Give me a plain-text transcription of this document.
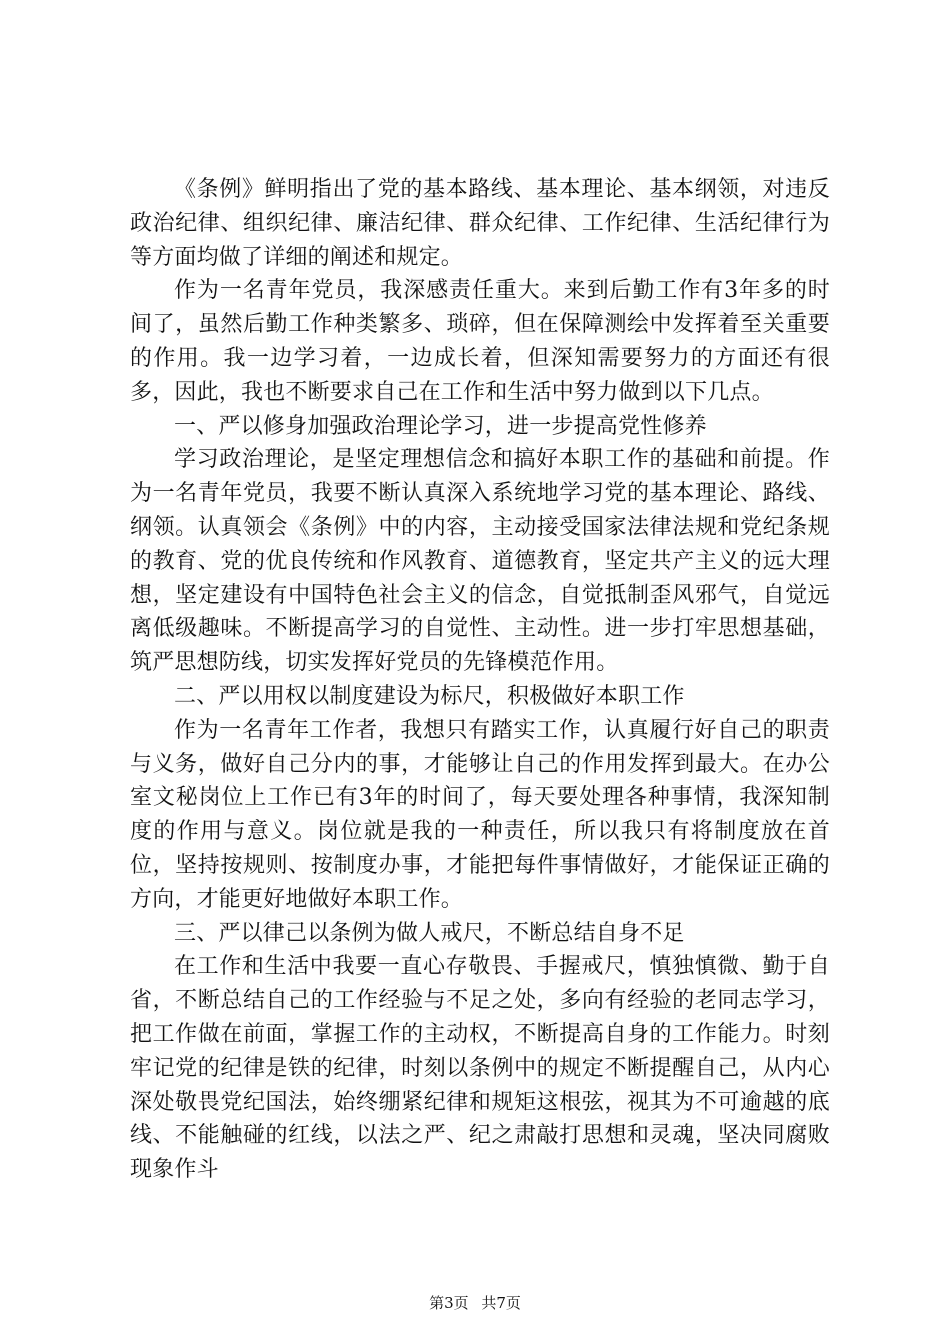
《条例》鲜明指出了党的基本路线、基本理论、基本纲领，对违反政治纪律、组织纪律、廉洁纪律、群众纪律、工作纪律、生活纪律行为等方面均做了详细的阐述和规定。

作为一名青年党员，我深感责任重大。来到后勤工作有3年多的时间了，虽然后勤工作种类繁多、琐碎，但在保障测绘中发挥着至关重要的作用。我一边学习着，一边成长着，但深知需要努力的方面还有很多，因此，我也不断要求自己在工作和生活中努力做到以下几点。

一、严以修身加强政治理论学习，进一步提高党性修养

学习政治理论，是坚定理想信念和搞好本职工作的基础和前提。作为一名青年党员，我要不断认真深入系统地学习党的基本理论、路线、纲领。认真领会《条例》中的内容，主动接受国家法律法规和党纪条规的教育、党的优良传统和作风教育、道德教育，坚定共产主义的远大理想，坚定建设有中国特色社会主义的信念，自觉抵制歪风邪气，自觉远离低级趣味。不断提高学习的自觉性、主动性。进一步打牢思想基础，筑严思想防线，切实发挥好党员的先锋模范作用。

二、严以用权以制度建设为标尺，积极做好本职工作

作为一名青年工作者，我想只有踏实工作，认真履行好自己的职责与义务，做好自己分内的事，才能够让自己的作用发挥到最大。在办公室文秘岗位上工作已有3年的时间了，每天要处理各种事情，我深知制度的作用与意义。岗位就是我的一种责任，所以我只有将制度放在首位，坚持按规则、按制度办事，才能把每件事情做好，才能保证正确的方向，才能更好地做好本职工作。

三、严以律己以条例为做人戒尺，不断总结自身不足

在工作和生活中我要一直心存敬畏、手握戒尺，慎独慎微、勤于自省，不断总结自己的工作经验与不足之处，多向有经验的老同志学习，把工作做在前面，掌握工作的主动权，不断提高自身的工作能力。时刻牢记党的纪律是铁的纪律，时刻以条例中的规定不断提醒自己，从内心深处敬畏党纪国法，始终绷紧纪律和规矩这根弦，视其为不可逾越的底线、不能触碰的红线，以法之严、纪之肃敲打思想和灵魂，坚决同腐败现象作斗

第3页 共7页
